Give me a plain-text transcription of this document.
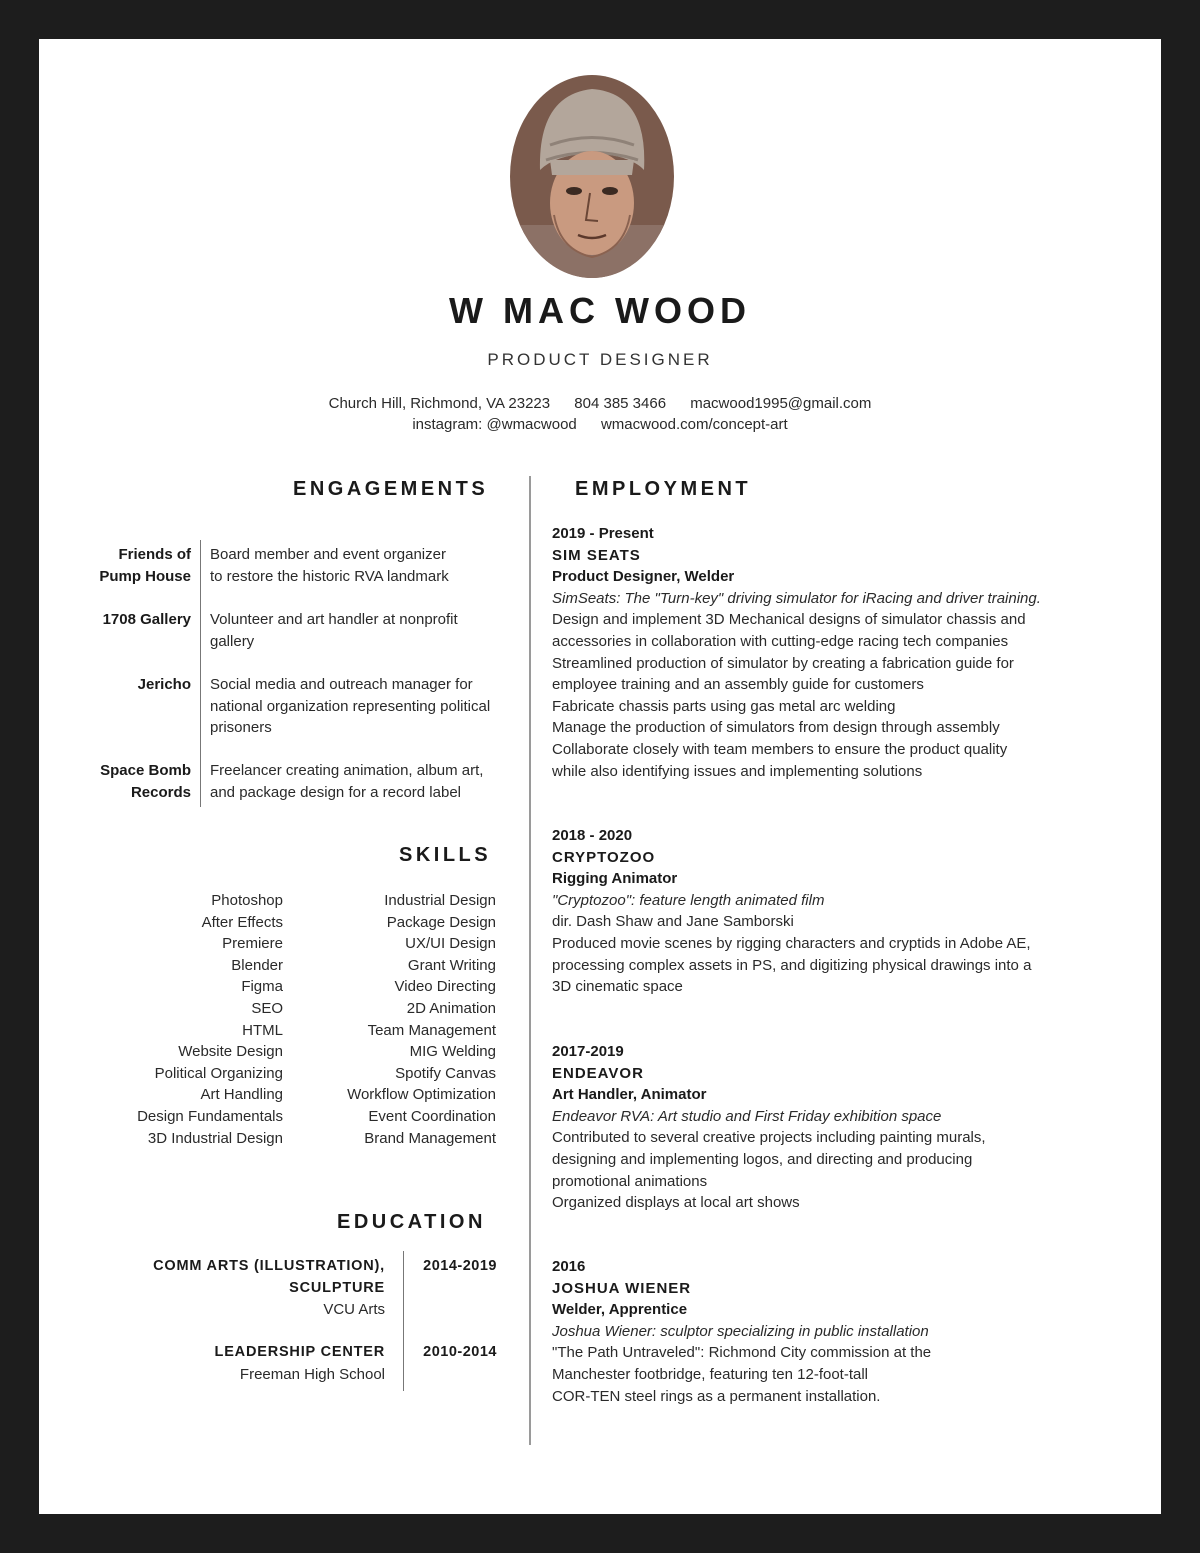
W MAC WOOD
PRODUCT DESIGNER
Church Hill, Richmond, VA 23223 804 385 3466 macwood1995@gmail.com
instagram: @wmacwood wmacwood.com/concept-art
ENGAGEMENTS
Friends of
Pump House
Board member and event organizer
to restore the historic RVA landmark
1708 Gallery Volunteer and art handler at nonprofit
gallery
Jericho Social media and outreach manager for
national organization representing political
prisoners
Space Bomb
Records
Freelancer creating animation, album art,
and package design for a record label
SKILLS
Photoshop
After Effects
Premiere
Blender
Figma
SEO
HTML
Website Design
Political Organizing
Art Handling
Design Fundamentals
3D Industrial Design
Industrial Design
Package Design
UX/UI Design
Grant Writing
Video Directing
2D Animation
Team Management
MIG Welding
Spotify Canvas
Workflow Optimization
Event Coordination
Brand Management
EDUCATION
COMM ARTS (ILLUSTRATION),
SCULPTURE
VCU Arts
2014-2019
LEADERSHIP CENTER
Freeman High School
2010-2014
EMPLOYMENT
2019 - Present
SIM SEATS
Product Designer, Welder
SimSeats: The "Turn-key" driving simulator for iRacing and driver training.
Design and implement 3D Mechanical designs of simulator chassis and
accessories in collaboration with cutting-edge racing tech companies
Streamlined production of simulator by creating a fabrication guide for
employee training and an assembly guide for customers
Fabricate chassis parts using gas metal arc welding
Manage the production of simulators from design through assembly
Collaborate closely with team members to ensure the product quality
while also identifying issues and implementing solutions
2018 - 2020
CRYPTOZOO
Rigging Animator
"Cryptozoo": feature length animated film
dir. Dash Shaw and Jane Samborski
Produced movie scenes by rigging characters and cryptids in Adobe AE,
processing complex assets in PS, and digitizing physical drawings into a
3D cinematic space
2017-2019
ENDEAVOR
Art Handler, Animator
Endeavor RVA: Art studio and First Friday exhibition space
Contributed to several creative projects including painting murals,
designing and implementing logos, and directing and producing
promotional animations
Organized displays at local art shows
2016
JOSHUA WIENER
Welder, Apprentice
Joshua Wiener: sculptor specializing in public installation
"The Path Untraveled": Richmond City commission at the
Manchester footbridge, featuring ten 12-foot-tall
COR-TEN steel rings as a permanent installation.
